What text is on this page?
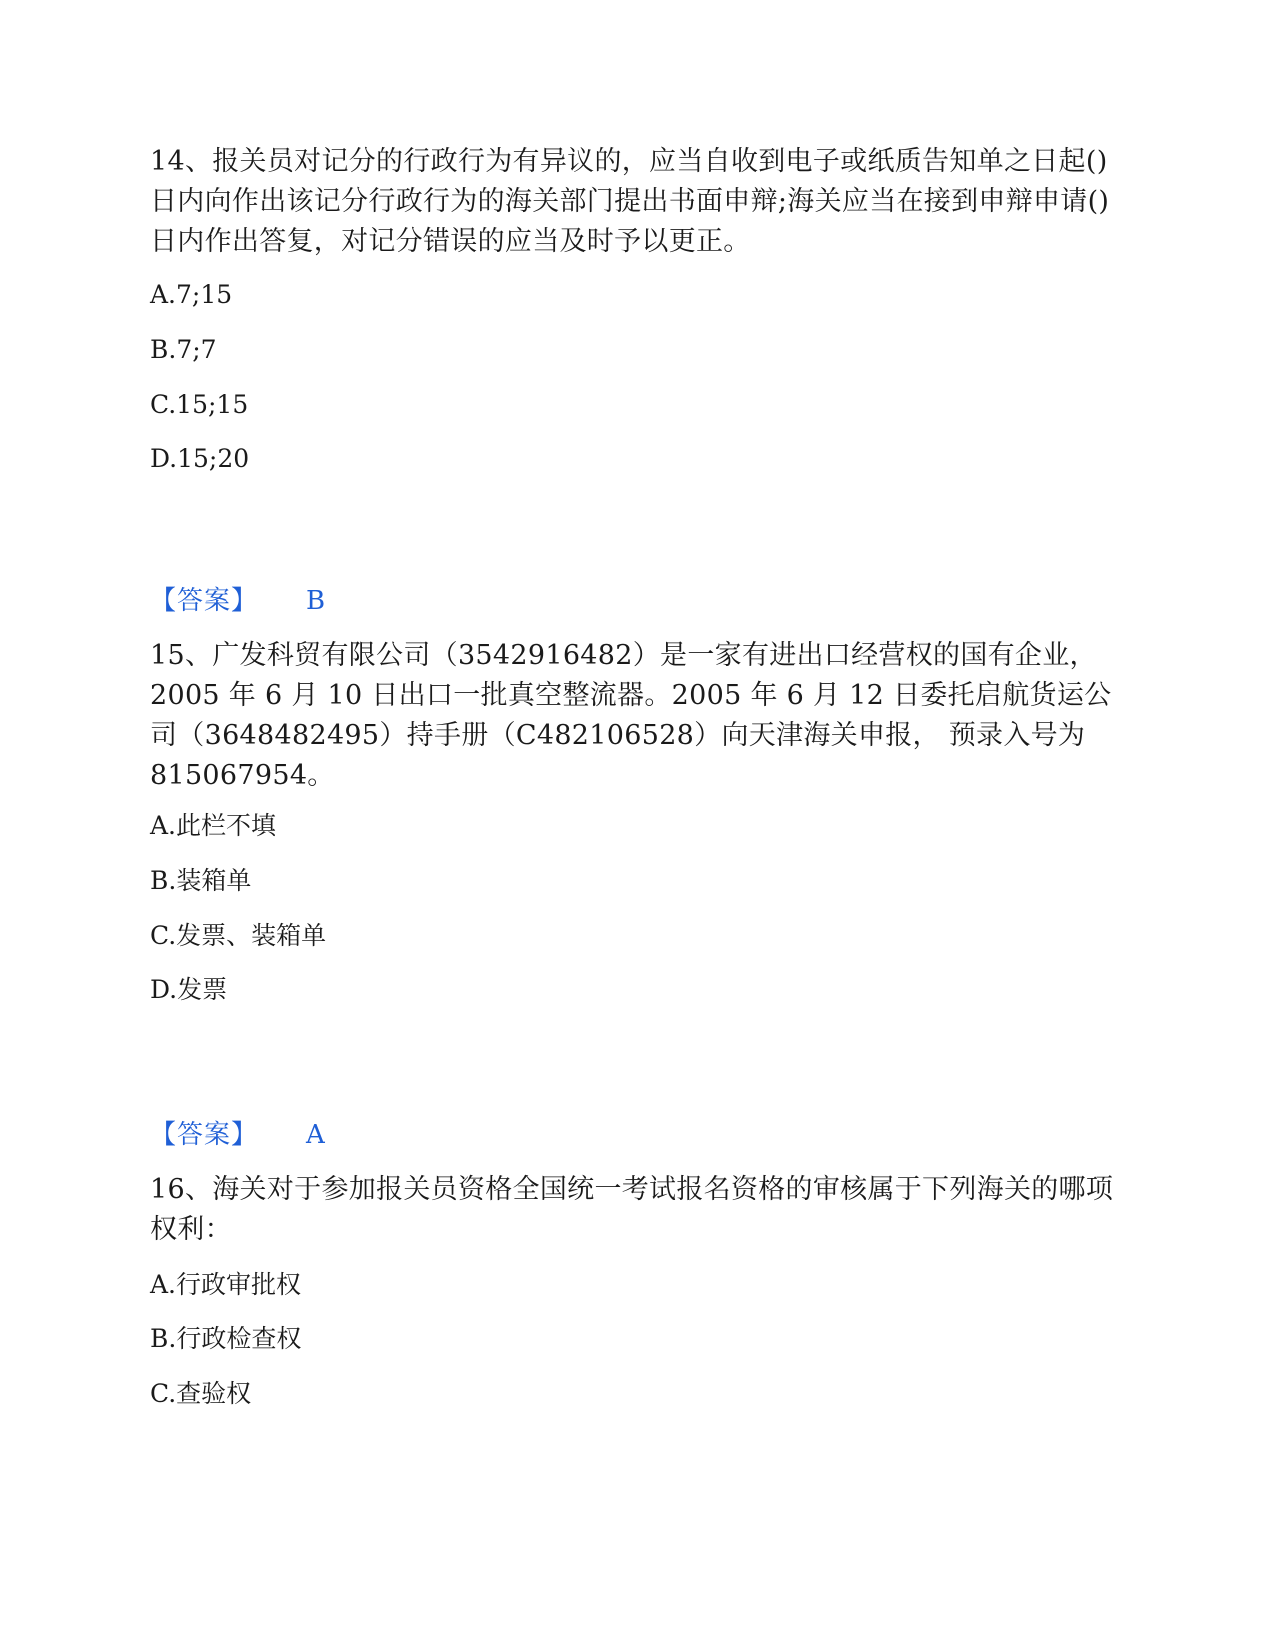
14、报关员对记分的行政行为有异议的，应当自收到电子或纸质告知单之日起()日内向作出该记分行政行为的海关部门提出书面申辩;海关应当在接到申辩申请()日内作出答复，对记分错误的应当及时予以更正。

A.7;15

B.7;7

C.15;15

D.15;20

【答案】 B

15、广发科贸有限公司（3542916482）是一家有进出口经营权的国有企业，2005 年 6 月 10 日出口一批真空整流器。2005 年 6 月 12 日委托启航货运公司（3648482495）持手册（C482106528）向天津海关申报， 预录入号为 815067954。

A.此栏不填

B.装箱单

C.发票、装箱单

D.发票

【答案】 A

16、海关对于参加报关员资格全国统一考试报名资格的审核属于下列海关的哪项权利：

A.行政审批权

B.行政检查权

C.查验权
